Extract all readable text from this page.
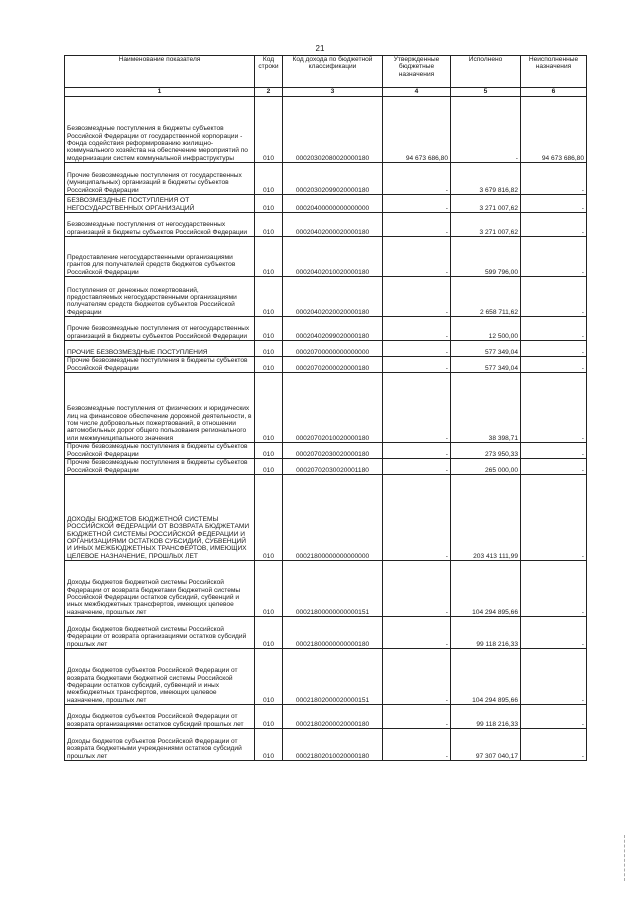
21
Наименование показателя	Код строки	Код дохода по бюджетной классификации	Утвержденные бюджетные назначения	Исполнено	Неисполненные назначения
1	2	3	4	5	6
Безвозмездные поступления в бюджеты субъектов Российской Федерации от государственной корпорации - Фонда содействия реформированию жилищно-коммунального хозяйства на обеспечение мероприятий по модернизации систем коммунальной инфраструктуры	010	00020302080020000180	94 673 686,80	-	94 673 686,80
Прочие безвозмездные поступления от государственных (муниципальных) организаций в бюджеты субъектов Российской Федерации	010	00020302099020000180	-	3 679 816,82	-
БЕЗВОЗМЕЗДНЫЕ ПОСТУПЛЕНИЯ ОТ НЕГОСУДАРСТВЕННЫХ ОРГАНИЗАЦИЙ	010	00020400000000000000	-	3 271 007,62	-
Безвозмездные поступления от негосударственных организаций в бюджеты субъектов Российской Федерации	010	00020402000020000180	-	3 271 007,62	-
Предоставление негосударственными организациями грантов для получателей средств бюджетов субъектов Российской Федерации	010	00020402010020000180	-	599 796,00	-
Поступления от денежных пожертвований, предоставляемых негосударственными организациями получателям средств бюджетов субъектов Российской Федерации	010	00020402020020000180	-	2 658 711,62	-
Прочие безвозмездные поступления от негосударственных организаций в бюджеты субъектов Российской Федерации	010	00020402099020000180	-	12 500,00	-
ПРОЧИЕ БЕЗВОЗМЕЗДНЫЕ ПОСТУПЛЕНИЯ	010	00020700000000000000	-	577 349,04	-
Прочие безвозмездные поступления в бюджеты субъектов Российской Федерации	010	00020702000020000180	-	577 349,04	-
Безвозмездные поступления от физических и юридических лиц на финансовое обеспечение дорожной деятельности, в том числе добровольных пожертвований, в отношении автомобильных дорог общего пользования регионального или межмуниципального значения	010	00020702010020000180	-	38 398,71	-
Прочие безвозмездные поступления в бюджеты субъектов Российской Федерации	010	00020702030020000180	-	273 950,33	-
Прочие безвозмездные поступления в бюджеты субъектов Российской Федерации	010	00020702030020001180	-	265 000,00	-
ДОХОДЫ БЮДЖЕТОВ БЮДЖЕТНОЙ СИСТЕМЫ РОССИЙСКОЙ ФЕДЕРАЦИИ ОТ ВОЗВРАТА БЮДЖЕТАМИ БЮДЖЕТНОЙ СИСТЕМЫ РОССИЙСКОЙ ФЕДЕРАЦИИ И ОРГАНИЗАЦИЯМИ ОСТАТКОВ СУБСИДИЙ, СУБВЕНЦИЙ И ИНЫХ МЕЖБЮДЖЕТНЫХ ТРАНСФЕРТОВ, ИМЕЮЩИХ ЦЕЛЕВОЕ НАЗНАЧЕНИЕ, ПРОШЛЫХ ЛЕТ	010	00021800000000000000	-	203 413 111,99	-
Доходы бюджетов бюджетной системы Российской Федерации от возврата бюджетами бюджетной системы Российской Федерации остатков субсидий, субвенций и иных межбюджетных трансфертов, имеющих целевое назначение, прошлых лет	010	00021800000000000151	-	104 294 895,66	-
Доходы бюджетов бюджетной системы Российской Федерации от возврата организациями остатков субсидий прошлых лет	010	00021800000000000180	-	99 118 216,33	-
Доходы бюджетов субъектов Российской Федерации от возврата бюджетами бюджетной системы Российской Федерации остатков субсидий, субвенций и иных межбюджетных трансфертов, имеющих целевое назначение, прошлых лет	010	00021802000020000151	-	104 294 895,66	-
Доходы бюджетов субъектов Российской Федерации от возврата организациями остатков субсидий прошлых лет	010	00021802000020000180	-	99 118 216,33	-
Доходы бюджетов субъектов Российской Федерации от возврата бюджетными учреждениями остатков субсидий прошлых лет	010	00021802010020000180	-	97 307 040,17	-
